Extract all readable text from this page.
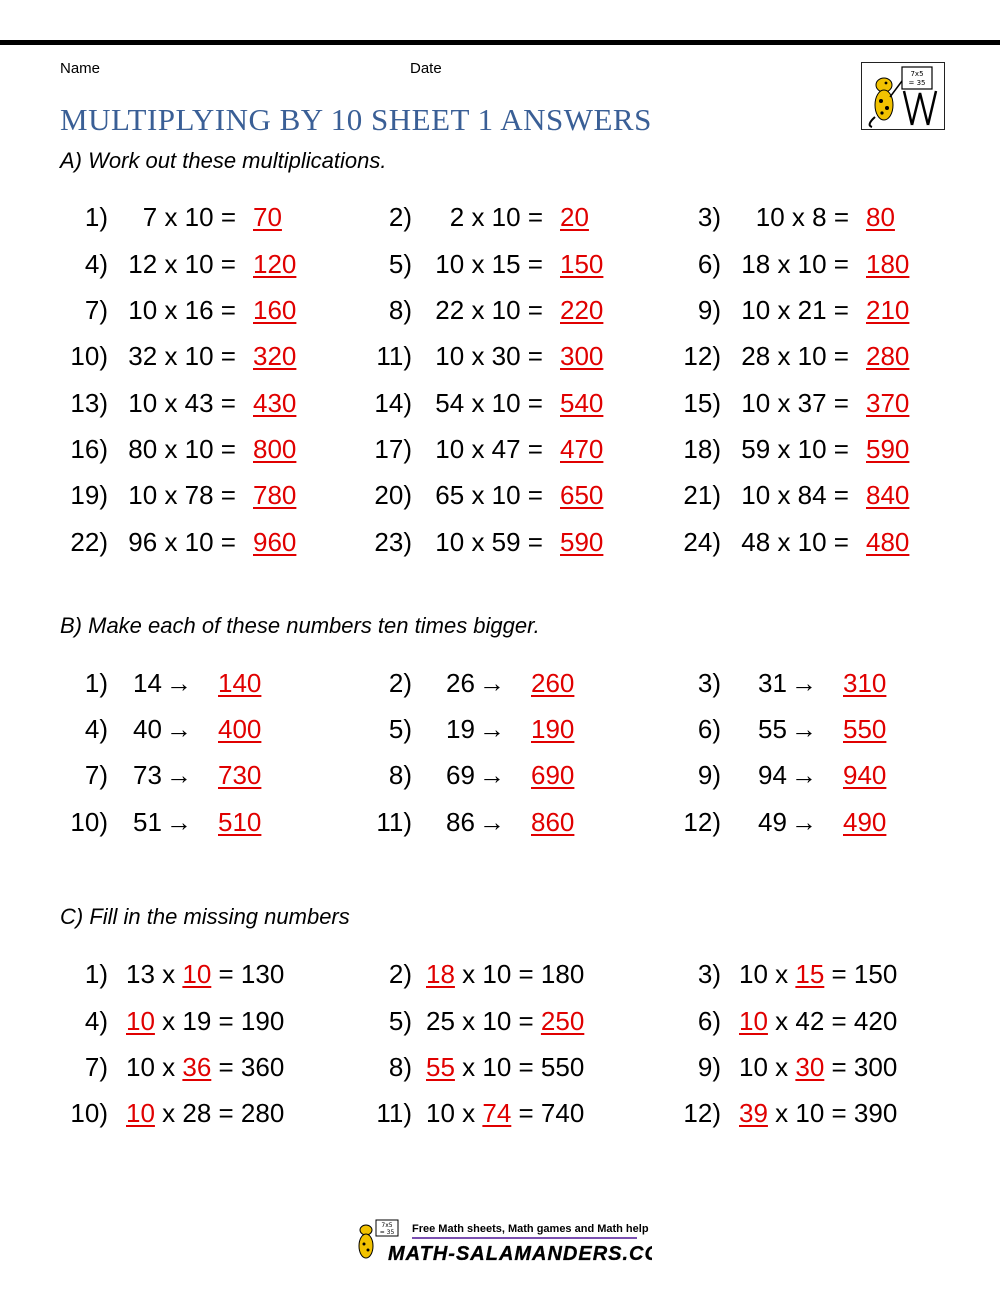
Name	Date
MULTIPLYING BY 10 SHEET 1 ANSWERS
7x5
= 35
A) Work out these multiplications.
1) 7 x 10 = 70	2) 2 x 10 = 20	3) 10 x 8 = 80
4) 12 x 10 = 120	5) 10 x 15 = 150	6) 18 x 10 = 180
7) 10 x 16 = 160	8) 22 x 10 = 220	9) 10 x 21 = 210
10) 32 x 10 = 320	11) 10 x 30 = 300	12) 28 x 10 = 280
13) 10 x 43 = 430	14) 54 x 10 = 540	15) 10 x 37 = 370
16) 80 x 10 = 800	17) 10 x 47 = 470	18) 59 x 10 = 590
19) 10 x 78 = 780	20) 65 x 10 = 650	21) 10 x 84 = 840
22) 96 x 10 = 960	23) 10 x 59 = 590	24) 48 x 10 = 480
B) Make each of these numbers ten times bigger.
1) 14 → 140	2) 26 → 260	3) 31 → 310
4) 40 → 400	5) 19 → 190	6) 55 → 550
7) 73 → 730	8) 69 → 690	9) 94 → 940
10) 51 → 510	11) 86 → 860	12) 49 → 490
C) Fill in the missing numbers
1) 13 x 10 = 130	2) 18 x 10 = 180	3) 10 x 15 = 150
4) 10 x 19 = 190	5) 25 x 10 = 250	6) 10 x 42 = 420
7) 10 x 36 = 360	8) 55 x 10 = 550	9) 10 x 30 = 300
10) 10 x 28 = 280	11) 10 x 74 = 740	12) 39 x 10 = 390
7x5
= 35 Free Math sheets, Math games and Math help
MATH-SALAMANDERS.COM
